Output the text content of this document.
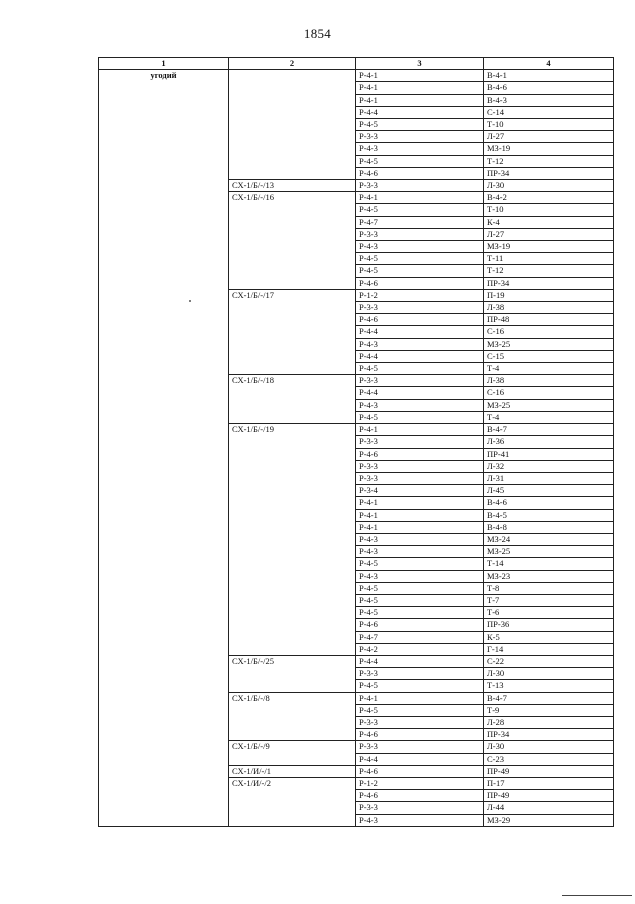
1854
1	2	3	4
угодий		Р-4-1	В-4-1
		Р-4-1	В-4-6
		Р-4-1	В-4-3
		Р-4-4	С-14
		Р-4-5	Т-10
		Р-3-3	Л-27
		Р-4-3	МЗ-19
		Р-4-5	Т-12
		Р-4-6	ПР-34
	СХ-1/Б/-/13	Р-3-3	Л-30
	СХ-1/Б/-/16	Р-4-1	В-4-2
		Р-4-5	Т-10
		Р-4-7	К-4
		Р-3-3	Л-27
		Р-4-3	МЗ-19
		Р-4-5	Т-11
		Р-4-5	Т-12
		Р-4-6	ПР-34
	СХ-1/Б/-/17	Р-1-2	П-19
		Р-3-3	Л-38
		Р-4-6	ПР-48
		Р-4-4	С-16
		Р-4-3	МЗ-25
		Р-4-4	С-15
		Р-4-5	Т-4
	СХ-1/Б/-/18	Р-3-3	Л-38
		Р-4-4	С-16
		Р-4-3	МЗ-25
		Р-4-5	Т-4
	СХ-1/Б/-/19	Р-4-1	В-4-7
		Р-3-3	Л-36
		Р-4-6	ПР-41
		Р-3-3	Л-32
		Р-3-3	Л-31
		Р-3-4	Л-45
		Р-4-1	В-4-6
		Р-4-1	В-4-5
		Р-4-1	В-4-8
		Р-4-3	МЗ-24
		Р-4-3	МЗ-25
		Р-4-5	Т-14
		Р-4-3	МЗ-23
		Р-4-5	Т-8
		Р-4-5	Т-7
		Р-4-5	Т-6
		Р-4-6	ПР-36
		Р-4-7	К-5
		Р-4-2	Г-14
	СХ-1/Б/-/25	Р-4-4	С-22
		Р-3-3	Л-30
		Р-4-5	Т-13
	СХ-1/Б/-/8	Р-4-1	В-4-7
		Р-4-5	Т-9
		Р-3-3	Л-28
		Р-4-6	ПР-34
	СХ-1/Б/-/9	Р-3-3	Л-30
		Р-4-4	С-23
	СХ-1/И/-/1	Р-4-6	ПР-49
	СХ-1/И/-/2	Р-1-2	П-17
		Р-4-6	ПР-49
		Р-3-3	Л-44
		Р-4-3	МЗ-29
